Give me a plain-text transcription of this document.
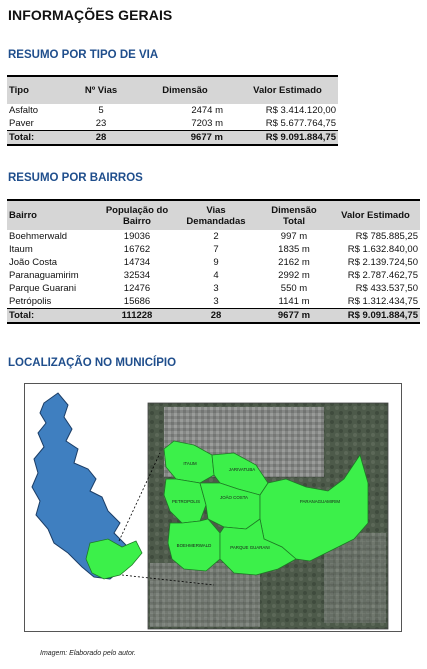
INFORMAÇÕES GERAIS
RESUMO POR TIPO DE VIA
Tipo	Nº Vias	Dimensão	Valor Estimado
Asfalto	5	2474 m	R$ 3.414.120,00
Paver	23	7203 m	R$ 5.677.764,75
Total:	28	9677 m	R$ 9.091.884,75
RESUMO POR BAIRROS
Bairro	População do Bairro	Vias Demandadas	Dimensão Total	Valor Estimado
Boehmerwald	19036	2	997 m	R$ 785.885,25
Itaum	16762	7	1835 m	R$ 1.632.840,00
João Costa	14734	9	2162 m	R$ 2.139.724,50
Paranaguamirim	32534	4	2992 m	R$ 2.787.462,75
Parque Guarani	12476	3	550 m	R$ 433.537,50
Petrópolis	15686	3	1141 m	R$ 1.312.434,75
Total:	111228	28	9677 m	R$ 9.091.884,75
LOCALIZAÇÃO NO MUNICÍPIO
ITAUM
JARIVATUBA
PETROPOLIS
JOÃO COSTA
PARANAGUAMIRIM
BOEHMERWALD	PARQUE GUARANI
Imagem: Elaborado pelo autor.
